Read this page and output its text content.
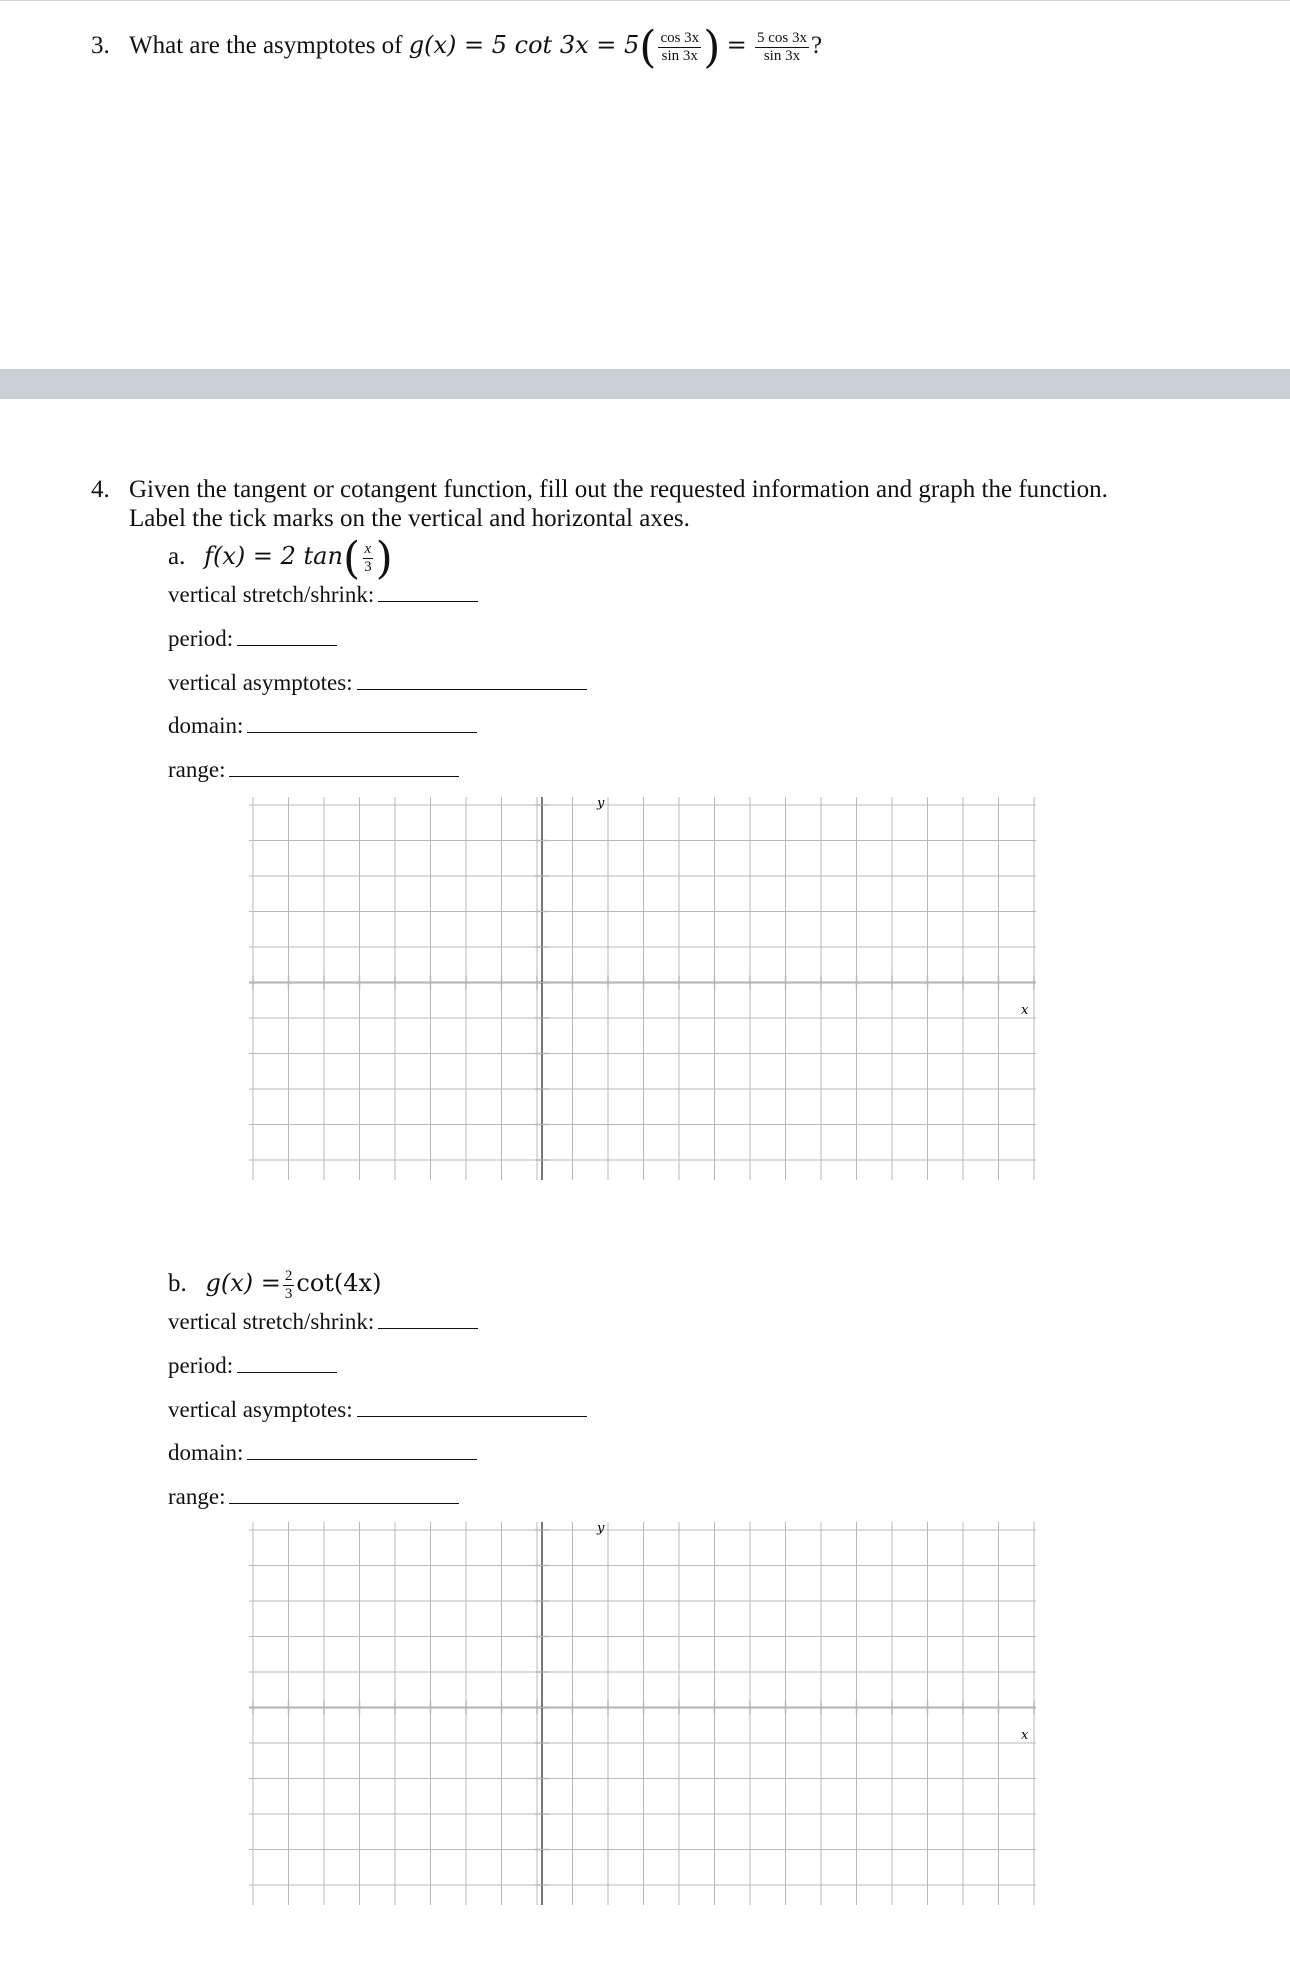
3. What are the asymptotes of g(x) = 5 $\cot 3x = 5( \frac{\cos 3x}{\sin 3x}$ ) = $\frac{5 \cos 3x}{\sin 3x}$ ?
4. Given the tangent or cotangent function, fill out the requested information and graph the function.
Label the tick marks on the vertical and horizontal axes.
a. f(x) = 2 $\tan( \frac{x}{3}$ )
vertical stretch/shrink:
period:
vertical asymptotes:
domain:
range:
y
x
b. $g(x) = \frac{2}{3} \cot(4x)$
vertical stretch/shrink:
period:
vertical asymptotes:
domain:
range:
y
x
